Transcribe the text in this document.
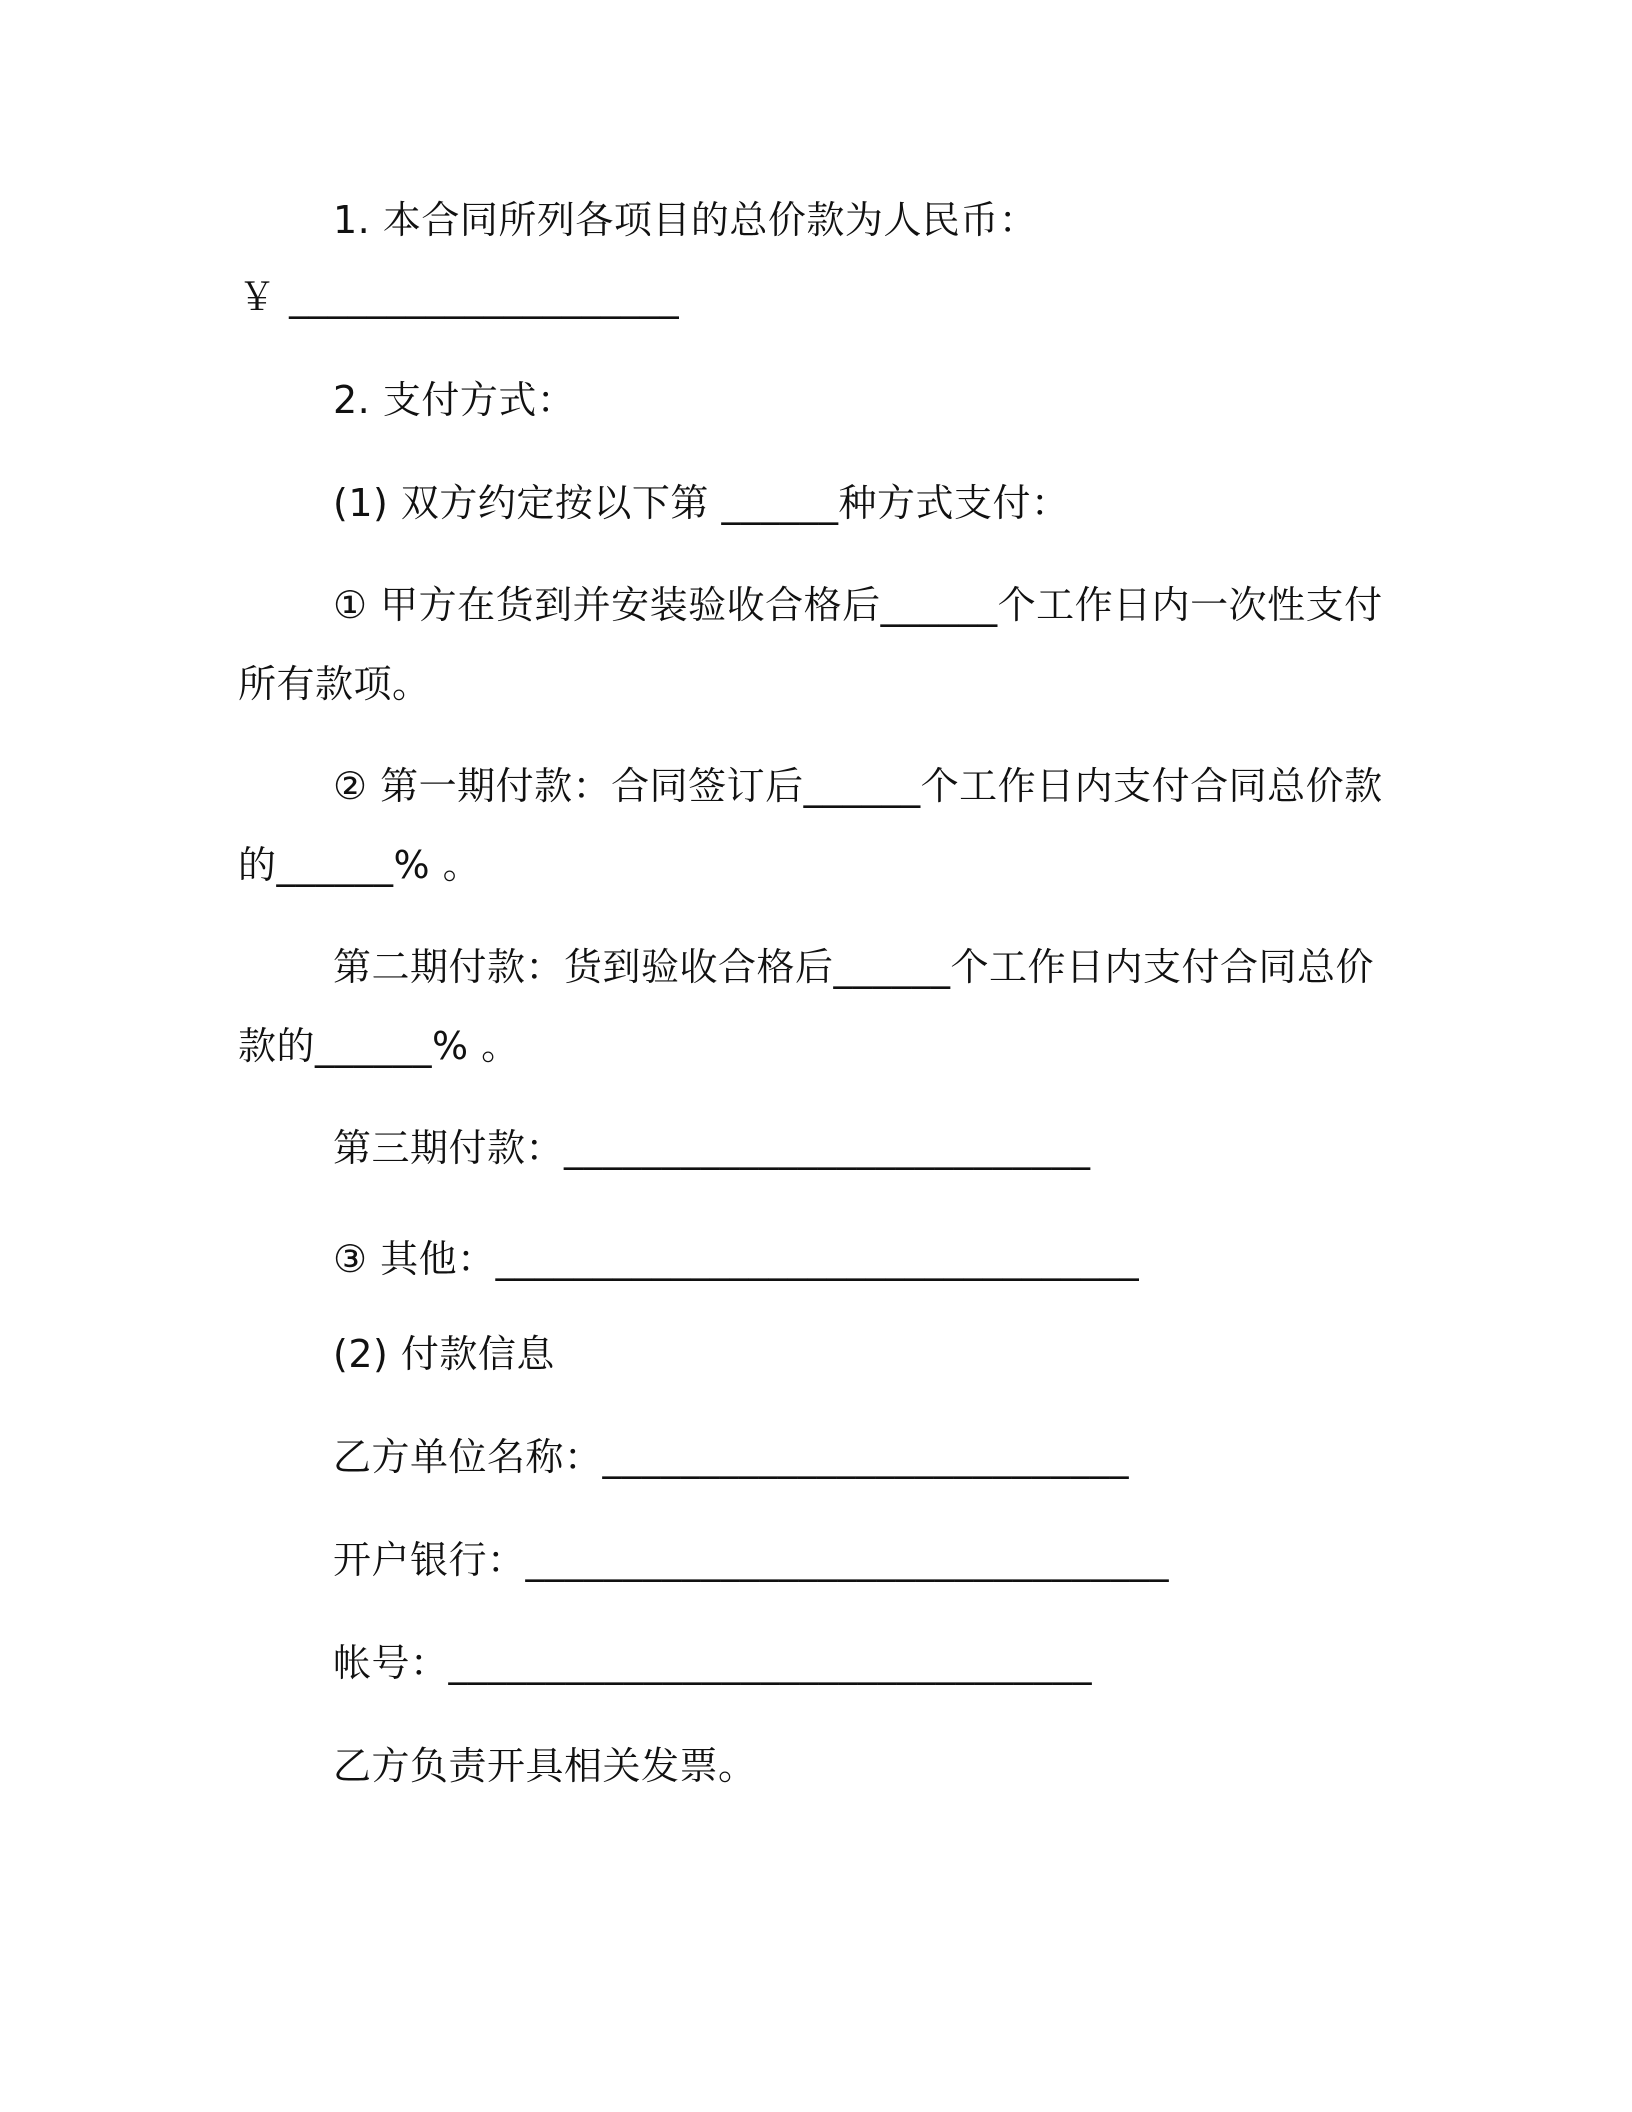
1. 本合同所列各项目的总价款为人民币：
￥ ____________________
2. 支付方式：
(1) 双方约定按以下第 ______种方式支付：
① 甲方在货到并安装验收合格后______个工作日内一次性支付
所有款项。
② 第一期付款：合同签订后______个工作日内支付合同总价款
的______% 。
第二期付款：货到验收合格后______个工作日内支付合同总价
款的______% 。
第三期付款：___________________________
③ 其他：_________________________________
(2) 付款信息
乙方单位名称：___________________________
开户银行：_________________________________
帐号：_________________________________
乙方负责开具相关发票。
